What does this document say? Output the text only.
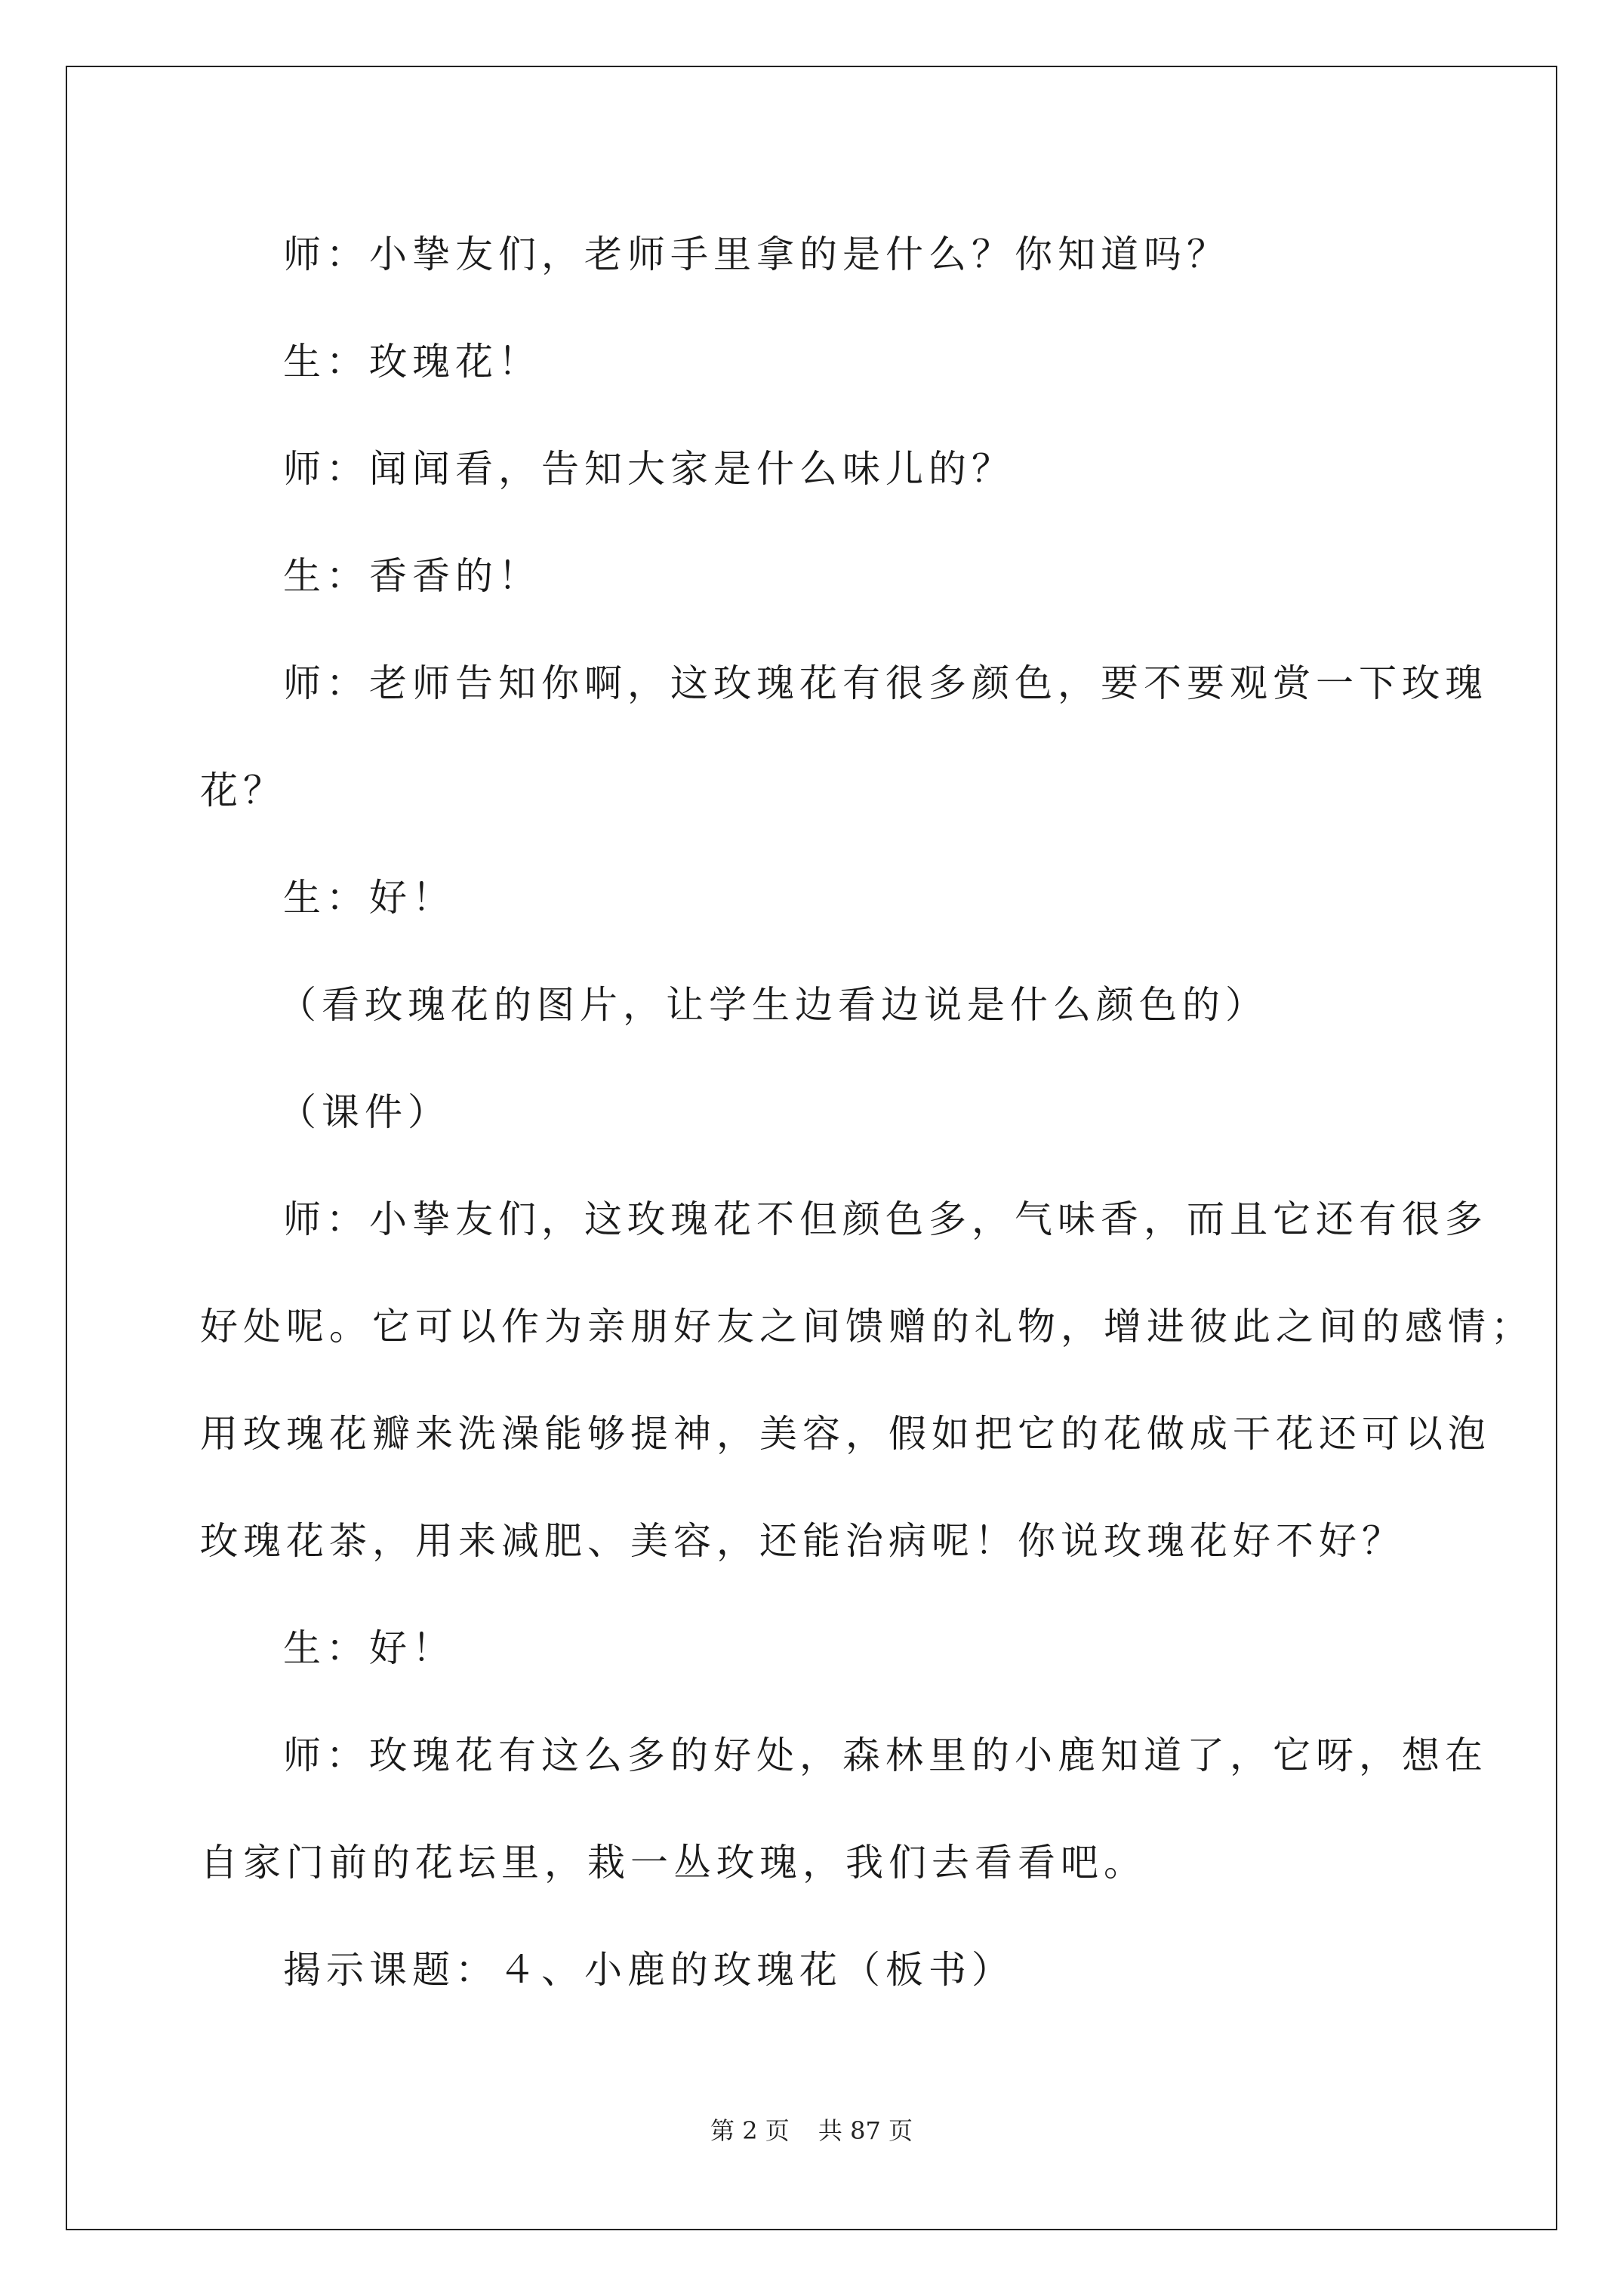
师：小挚友们，老师手里拿的是什么？你知道吗？
生：玫瑰花！
师：闻闻看，告知大家是什么味儿的？
生：香香的！
师：老师告知你啊，这玫瑰花有很多颜色，要不要观赏一下玫瑰
花？
生：好！
（看玫瑰花的图片，让学生边看边说是什么颜色的）
（课件）
师：小挚友们，这玫瑰花不但颜色多，气味香，而且它还有很多
好处呢。它可以作为亲朋好友之间馈赠的礼物，增进彼此之间的感情；
用玫瑰花瓣来洗澡能够提神，美容，假如把它的花做成干花还可以泡
玫瑰花茶，用来减肥、美容，还能治病呢！你说玫瑰花好不好？
生：好！
师：玫瑰花有这么多的好处，森林里的小鹿知道了，它呀，想在
自家门前的花坛里，栽一丛玫瑰，我们去看看吧。
揭示课题：４、小鹿的玫瑰花（板书）
第 2 页 共 87 页
